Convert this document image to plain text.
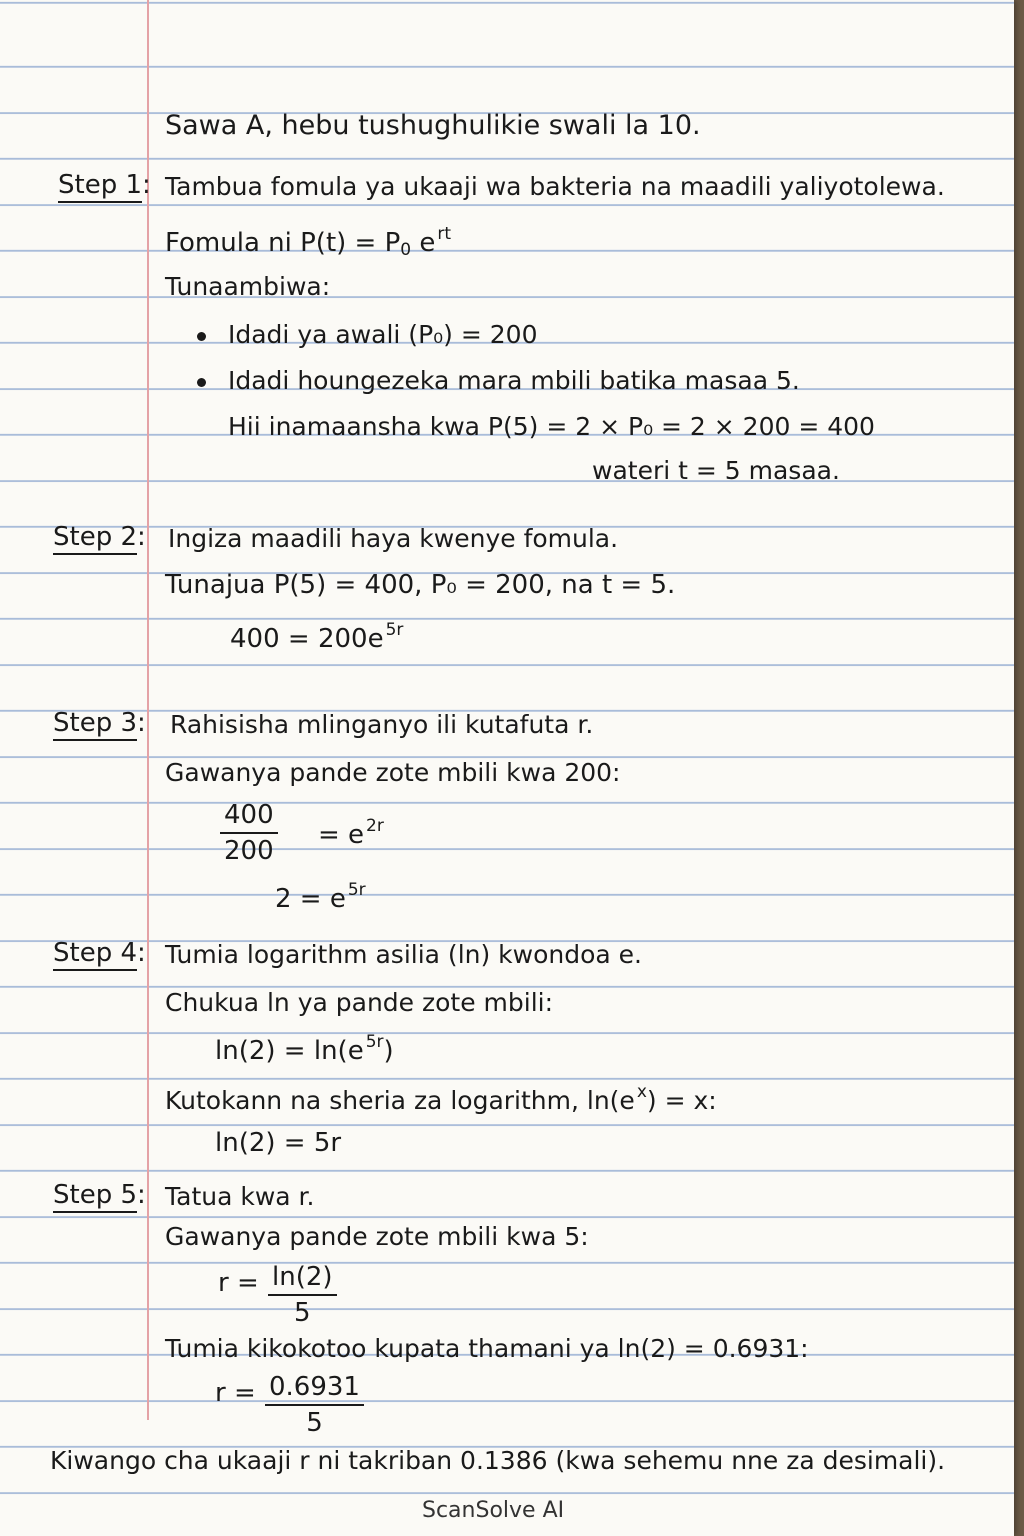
Sawa A, hebu tushughulikie swali la 10.
Step 1: Tambua fomula ya ukaaji wa bakteria na maadili yaliyotolewa.
Fomula ni $P(t) = P_0$ e $^{rt}$
Tunaambiwa:
Idadi ya awali (P₀) = 200
Idadi houngezeka mara mbili batika masaa 5.
Hii inamaansha kwa P(5) = 2 × P₀ = 2 × 200 = 400
wateri t = 5 masaa.
Step 2: Ingiza maadili haya kwenye fomula.
Tunajua P(5) = 400, P₀ = 200, na t = 5.
400 = 200e $^{5r}$
Step 3: Rahisisha mlinganyo ili kutafuta r.
Gawanya pande zote mbili kwa 200:
$\frac{400}{200} = e$ $^{2r}$
2 = e $^{5r}$
Step 4: Tumia logarithm asilia (ln) kwondoa e.
Chukua ln ya pande zote mbili:
ln(2) = ln(e $^{5r}$)
Kutokann na sheria za logarithm, ln(e $^x$) = x:
ln(2) = 5r
Step 5: Tatua kwa r.
Gawanya pande zote mbili kwa 5:
$r = \frac{\ln(2)}{5}$
Tumia kikokotoo kupata thamani ya ln(2) = 0.6931:
$r = \frac{0.6931}{5}$
Kiwango cha ukaaji r ni takriban 0.1386 (kwa sehemu nne za desimali).
ScanSolve AI
